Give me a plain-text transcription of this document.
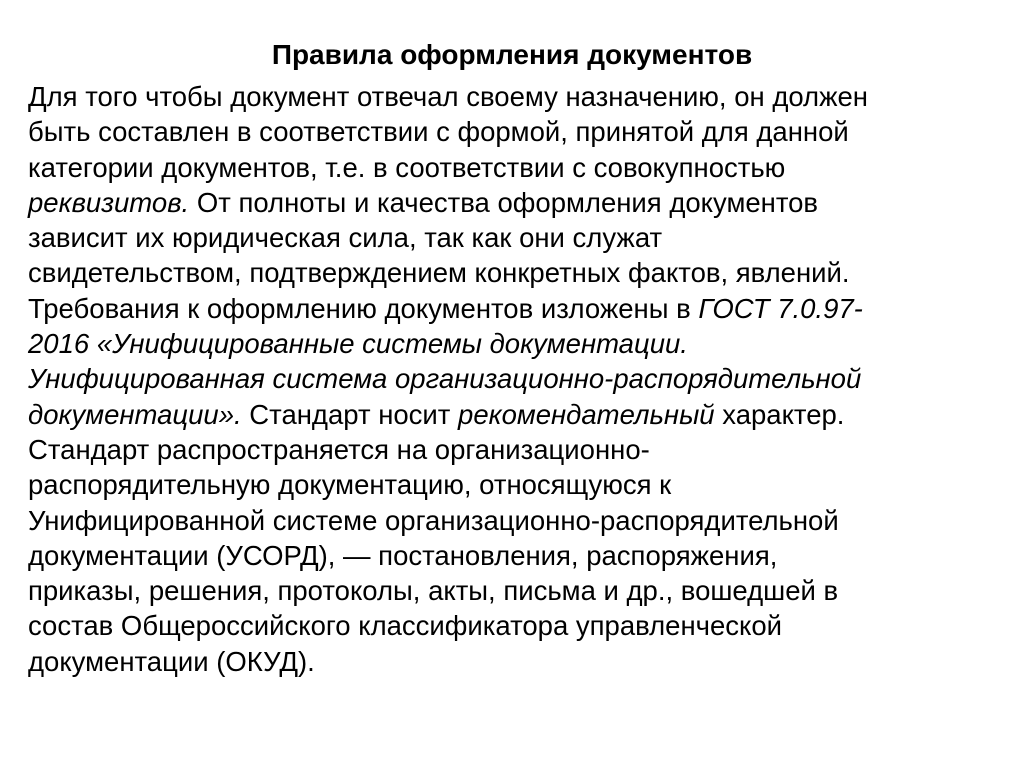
Правила оформления документов
Для того чтобы документ отвечал своему назначению, он должен
быть составлен в соответствии с формой, принятой для данной
категории документов, т.е. в соответствии с совокупностью
реквизитов. От полноты и качества оформления документов
зависит их юридическая сила, так как они служат
свидетельством, подтверждением конкретных фактов, явлений.
Требования к оформлению документов изложены в ГОСТ 7.0.97-
2016 «Унифицированные системы документации.
Унифицированная система организационно-распорядительной
документации». Стандарт носит рекомендательный характер.
Стандарт распространяется на организационно-
распорядительную документацию, относящуюся к
Унифицированной системе организационно-распорядительной
документации (УСОРД), — постановления, распоряжения,
приказы, решения, протоколы, акты, письма и др., вошедшей в
состав Общероссийского классификатора управленческой
документации (ОКУД).
